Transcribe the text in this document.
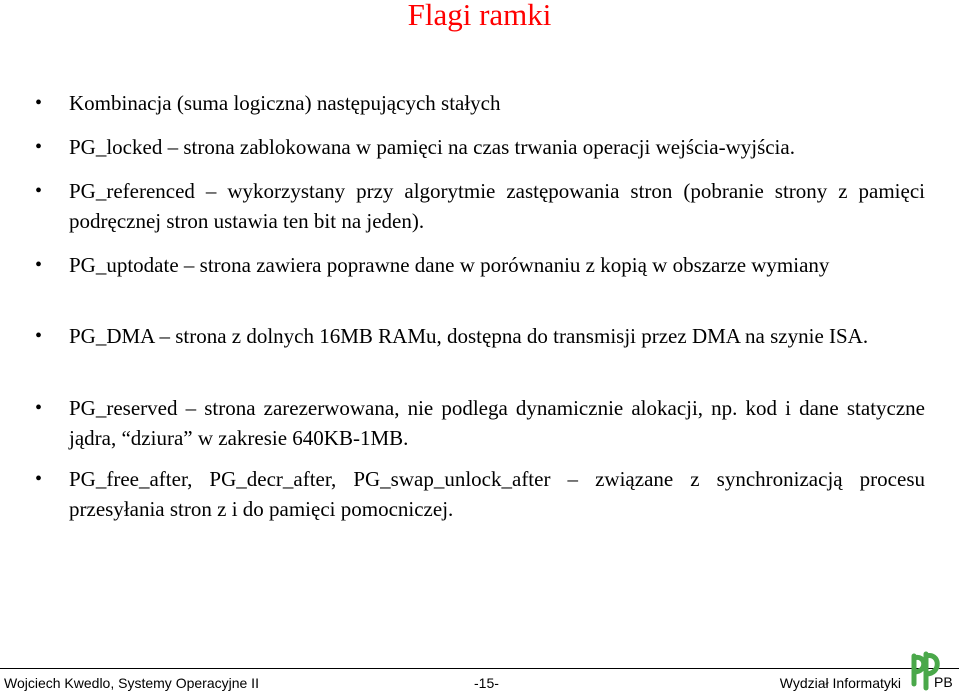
Flagi ramki
•	Kombinacja (suma logiczna) następujących stałych
•	PG_locked – strona zablokowana w pamięci na czas trwania operacji wejścia-wyjścia.
•	PG_referenced – wykorzystany przy algorytmie zastępowania stron (pobranie strony z pamięci podręcznej stron ustawia ten bit na jeden).
•	PG_uptodate – strona zawiera poprawne dane w porównaniu z kopią w obszarze wymiany
•	PG_DMA – strona z dolnych 16MB RAMu, dostępna do transmisji przez DMA na szynie ISA.
•	PG_reserved – strona zarezerwowana, nie podlega dynamicznie alokacji, np. kod i dane statyczne jądra, “dziura” w zakresie 640KB-1MB.
•	PG_free_after, PG_decr_after, PG_swap_unlock_after – związane z synchronizacją procesu przesyłania stron z i do pamięci pomocniczej.
Wojciech Kwedlo, Systemy Operacyjne II	-15-	Wydział Informatyki PB
